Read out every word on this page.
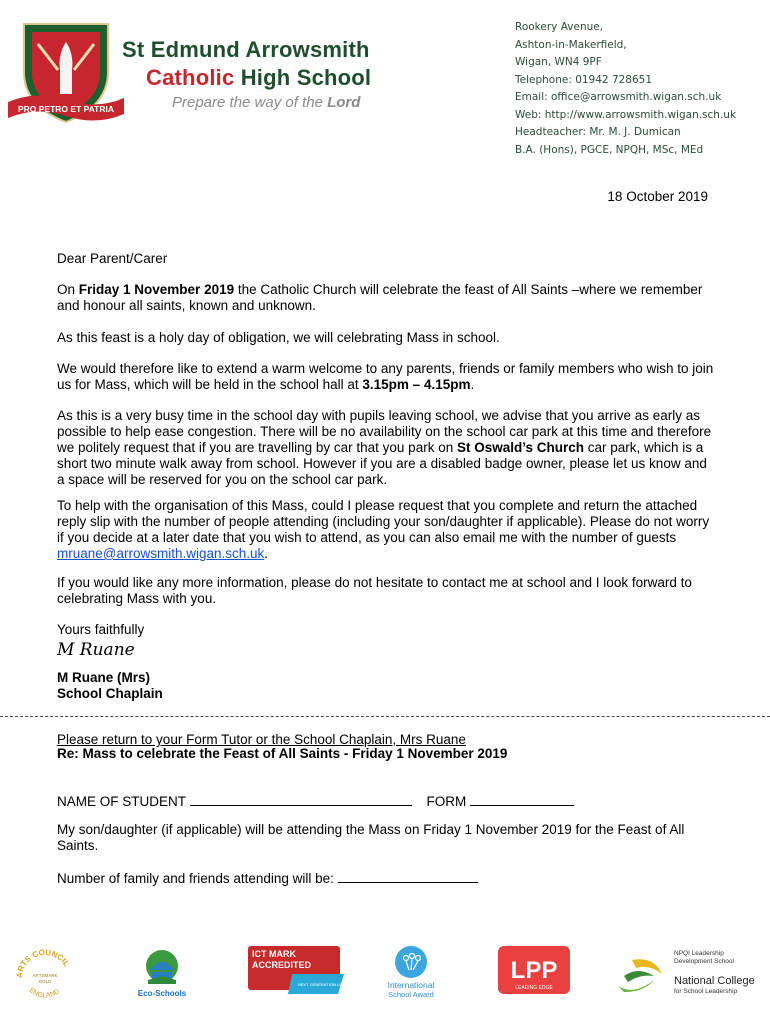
PRO PETRO ET PATRIA
St Edmund Arrowsmith
Catholic High School
Prepare the way of the Lord
Rookery Avenue,
Ashton-in-Makerfield,
Wigan, WN4 9PF
Telephone: 01942 728651
Email: office@arrowsmith.wigan.sch.uk
Web: http://www.arrowsmith.wigan.sch.uk
Headteacher: Mr. M. J. Dumican
B.A. (Hons), PGCE, NPQH, MSc, MEd
18 October 2019
Dear Parent/Carer
On Friday 1 November 2019 the Catholic Church will celebrate the feast of All Saints –where we remember and honour all saints, known and unknown.
As this feast is a holy day of obligation, we will celebrating Mass in school.
We would therefore like to extend a warm welcome to any parents, friends or family members who wish to join us for Mass, which will be held in the school hall at 3.15pm – 4.15pm.
As this is a very busy time in the school day with pupils leaving school, we advise that you arrive as early as possible to help ease congestion. There will be no availability on the school car park at this time and therefore we politely request that if you are travelling by car that you park on St Oswald’s Church car park, which is a short two minute walk away from school. However if you are a disabled badge owner, please let us know and a space will be reserved for you on the school car park.
To help with the organisation of this Mass, could I please request that you complete and return the attached reply slip with the number of people attending (including your son/daughter if applicable). Please do not worry if you decide at a later date that you wish to attend, as you can also email me with the number of guests mruane@arrowsmith.wigan.sch.uk.
If you would like any more information, please do not hesitate to contact me at school and I look forward to celebrating Mass with you.
Yours faithfully
M Ruane
M Ruane (Mrs)
School Chaplain
Please return to your Form Tutor or the School Chaplain, Mrs Ruane
Re: Mass to celebrate the Feast of All Saints - Friday 1 November 2019
NAME OF STUDENT	FORM
My son/daughter (if applicable) will be attending the Mass on Friday 1 November 2019 for the Feast of All Saints.
Number of family and friends attending will be:
ARTS COUNCIL
ARTSMARK
GOLD
ENGLAND	Eco-Schools
ICT MARK
ACCREDITED
NEXT GENERATION LEARNING	International
School Award
LPP
LEADING EDGE
NPQI Leadership
Development School
National College
for School Leadership
